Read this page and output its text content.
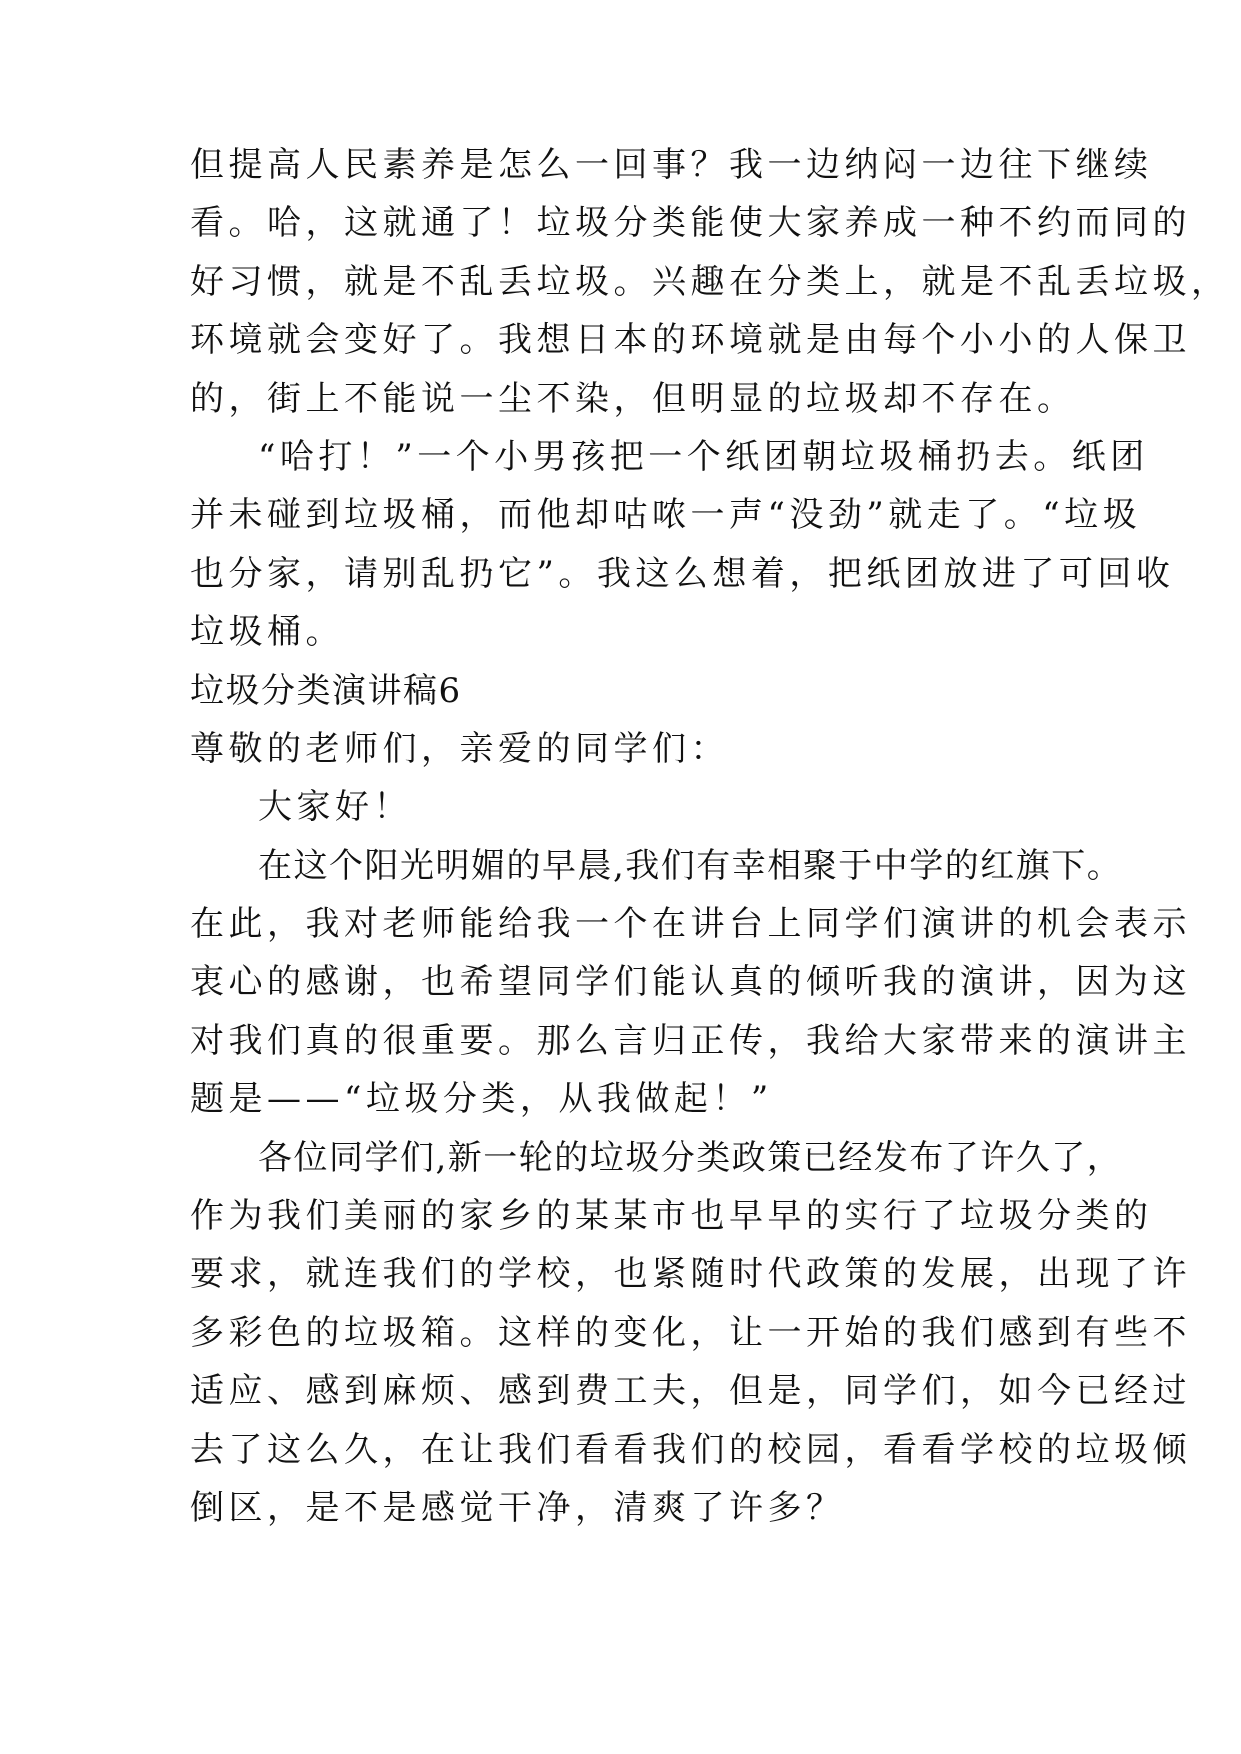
但提高人民素养是怎么一回事？我一边纳闷一边往下继续
看。哈，这就通了！垃圾分类能使大家养成一种不约而同的
好习惯，就是不乱丢垃圾。兴趣在分类上，就是不乱丢垃圾，
环境就会变好了。我想日本的环境就是由每个小小的人保卫
的，街上不能说一尘不染，但明显的垃圾却不存在。
“哈打！”一个小男孩把一个纸团朝垃圾桶扔去。纸团
并未碰到垃圾桶，而他却咕哝一声“没劲”就走了。“垃圾
也分家，请别乱扔它”。我这么想着，把纸团放进了可回收
垃圾桶。
垃圾分类演讲稿6
尊敬的老师们，亲爱的同学们：
大家好！
在这个阳光明媚的早晨,我们有幸相聚于中学的红旗下。
在此，我对老师能给我一个在讲台上同学们演讲的机会表示
衷心的感谢，也希望同学们能认真的倾听我的演讲，因为这
对我们真的很重要。那么言归正传，我给大家带来的演讲主
题是——“垃圾分类，从我做起！”
各位同学们,新一轮的垃圾分类政策已经发布了许久了，
作为我们美丽的家乡的某某市也早早的实行了垃圾分类的
要求，就连我们的学校，也紧随时代政策的发展，出现了许
多彩色的垃圾箱。这样的变化，让一开始的我们感到有些不
适应、感到麻烦、感到费工夫，但是，同学们，如今已经过
去了这么久，在让我们看看我们的校园，看看学校的垃圾倾
倒区，是不是感觉干净，清爽了许多？
